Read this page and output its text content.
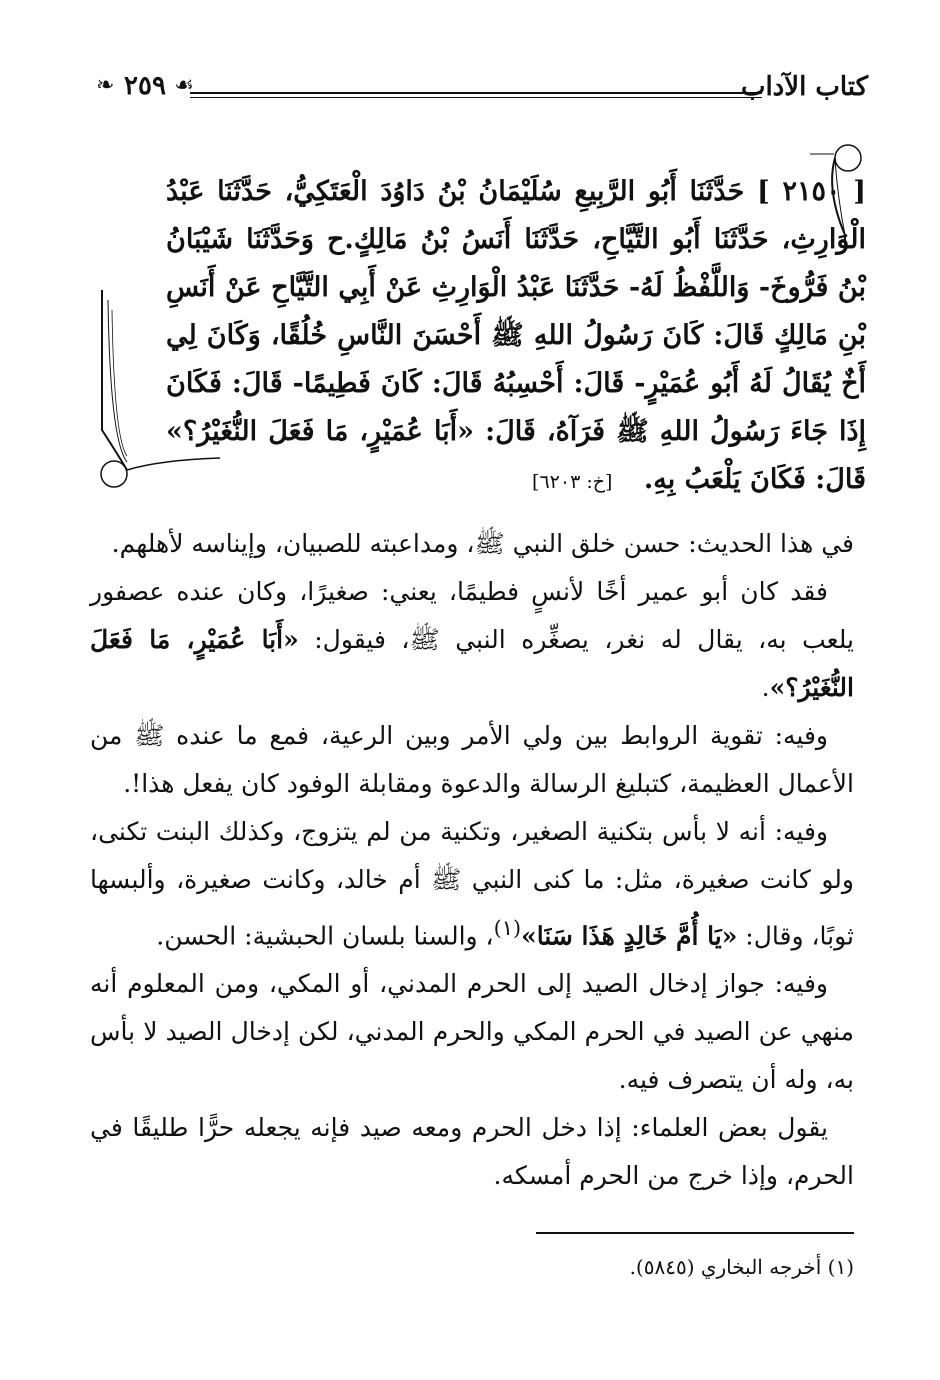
كتاب الآداب
❧ ٢٥٩ ☙

[ ٢١٥٠ ] حَدَّثَنَا أَبُو الرَّبِيعِ سُلَيْمَانُ بْنُ دَاوُدَ الْعَتَكِيُّ، حَدَّثَنَا عَبْدُ الْوَارِثِ، حَدَّثَنَا أَبُو التَّيَّاحِ، حَدَّثَنَا أَنَسُ بْنُ مَالِكٍ.ح وَحَدَّثَنَا شَيْبَانُ بْنُ فَرُّوخَ- وَاللَّفْظُ لَهُ- حَدَّثَنَا عَبْدُ الْوَارِثِ عَنْ أَبِي التَّيَّاحِ عَنْ أَنَسِ بْنِ مَالِكٍ قَالَ: كَانَ رَسُولُ اللهِ ﷺ أَحْسَنَ النَّاسِ خُلُقًا، وَكَانَ لِي أَخٌ يُقَالُ لَهُ أَبُو عُمَيْرٍ- قَالَ: أَحْسِبُهُ قَالَ: كَانَ فَطِيمًا- قَالَ: فَكَانَ إِذَا جَاءَ رَسُولُ اللهِ ﷺ فَرَآهُ، قَالَ: «أَبَا عُمَيْرٍ، مَا فَعَلَ النُّغَيْرُ؟» قَالَ: فَكَانَ يَلْعَبُ بِهِ. [خ: ٦٢٠٣]

في هذا الحديث: حسن خلق النبي ﷺ، ومداعبته للصبيان، وإيناسه لأهلهم.

فقد كان أبو عمير أخًا لأنسٍ فطيمًا، يعني: صغيرًا، وكان عنده عصفور يلعب به، يقال له نغر، يصغِّره النبي ﷺ، فيقول: «أَبَا عُمَيْرٍ، مَا فَعَلَ النُّغَيْرُ؟».

وفيه: تقوية الروابط بين ولي الأمر وبين الرعية، فمع ما عنده ﷺ من الأعمال العظيمة، كتبليغ الرسالة والدعوة ومقابلة الوفود كان يفعل هذا!.

وفيه: أنه لا بأس بتكنية الصغير، وتكنية من لم يتزوج، وكذلك البنت تكنى، ولو كانت صغيرة، مثل: ما كنى النبي ﷺ أم خالد، وكانت صغيرة، وألبسها ثوبًا، وقال: «يَا أُمَّ خَالِدٍ هَذَا سَنَا»$^{(١)}$، والسنا بلسان الحبشية: الحسن.

وفيه: جواز إدخال الصيد إلى الحرم المدني، أو المكي، ومن المعلوم أنه منهي عن الصيد في الحرم المكي والحرم المدني، لكن إدخال الصيد لا بأس به، وله أن يتصرف فيه.

يقول بعض العلماء: إذا دخل الحرم ومعه صيد فإنه يجعله حرًّا طليقًا في الحرم، وإذا خرج من الحرم أمسكه.

(١) أخرجه البخاري (٥٨٤٥).
